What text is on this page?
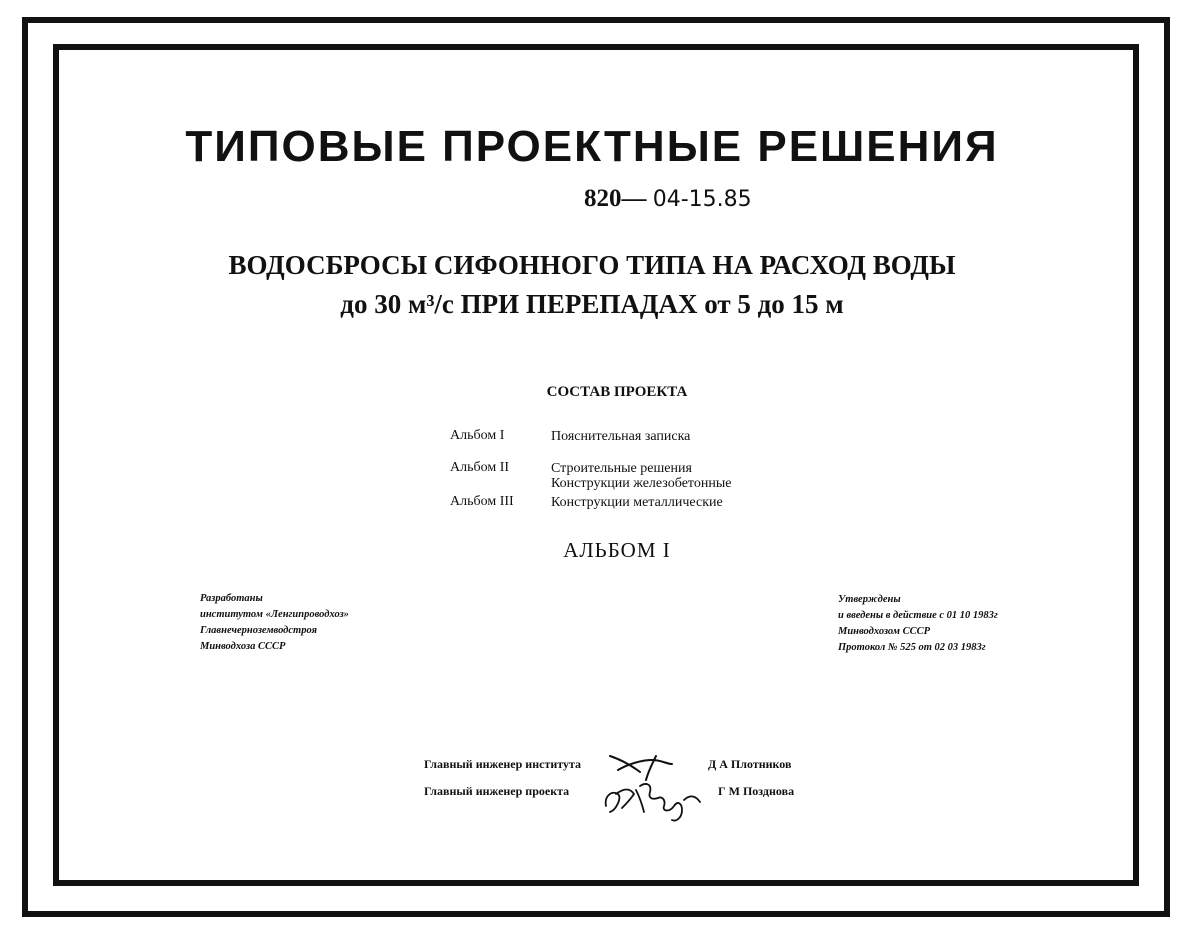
ТИПОВЫЕ ПРОЕКТНЫЕ РЕШЕНИЯ
820— 04-15.85
ВОДОСБРОСЫ СИФОННОГО ТИПА НА РАСХОД ВОДЫ
до 30 м³/с ПРИ ПЕРЕПАДАХ от 5 до 15 м
СОСТАВ ПРОЕКТА
Альбом I	Пояснительная записка
Альбом II	Строительные решения
Конструкции железобетонные
Альбом III	Конструкции металлические
АЛЬБОМ I
Разработаны
институтом «Ленгипроводхоз»
Главнечерноземводстроя
Минводхоза СССР
Утверждены
и введены в действие с 01 10 1983г
Минводхозом СССР
Протокол № 525 от 02 03 1983г
Главный инженер института	Д А Плотников
Главный инженер проекта	Г М Позднова
